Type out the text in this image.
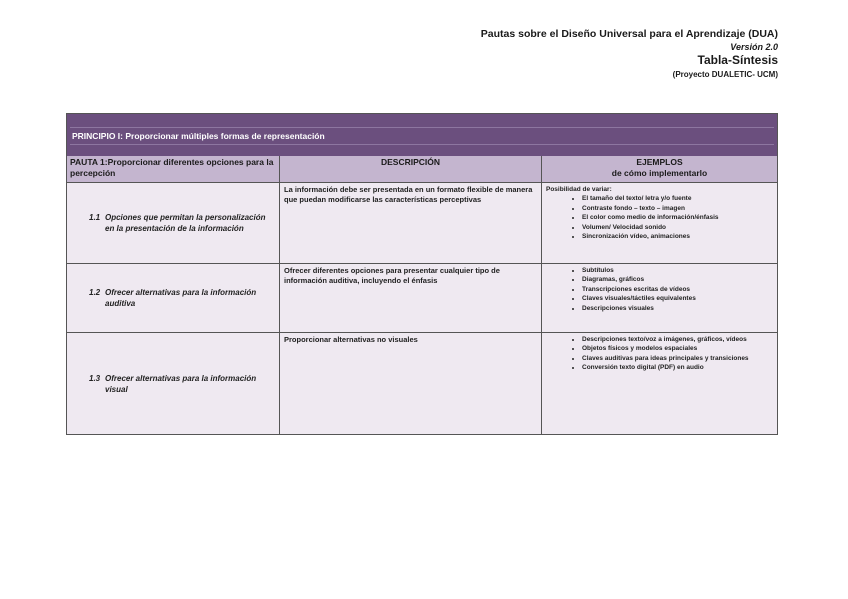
Pautas sobre el Diseño Universal para el Aprendizaje (DUA)
Versión 2.0
Tabla-Síntesis
(Proyecto DUALETIC- UCM)
PRINCIPIO I: Proporcionar múltiples formas de representación
PAUTA 1:Proporcionar diferentes opciones para la percepción
DESCRIPCIÓN	EJEMPLOS
de cómo implementarlo
1.1 Opciones que permitan la personalización en la presentación de la información
La información debe ser presentada en un formato flexible de manera que puedan modificarse las características perceptivas
Posibilidad de variar:
• El tamaño del texto/ letra y/o fuente
• Contraste fondo – texto – imagen
• El color como medio de información/énfasis
• Volumen/ Velocidad sonido
• Sincronización vídeo, animaciones
1.2 Ofrecer alternativas para la información auditiva
Ofrecer diferentes opciones para presentar cualquier tipo de información auditiva, incluyendo el énfasis
• Subtítulos
• Diagramas, gráficos
• Transcripciones escritas de vídeos
• Claves visuales/táctiles equivalentes
• Descripciones visuales
1.3 Ofrecer alternativas para la información visual
Proporcionar alternativas no visuales
•	Descripciones texto/voz a imágenes, gráficos, vídeos
• Objetos físicos y modelos espaciales
• Claves auditivas para ideas principales y transiciones
• Conversión texto digital (PDF) en audio
